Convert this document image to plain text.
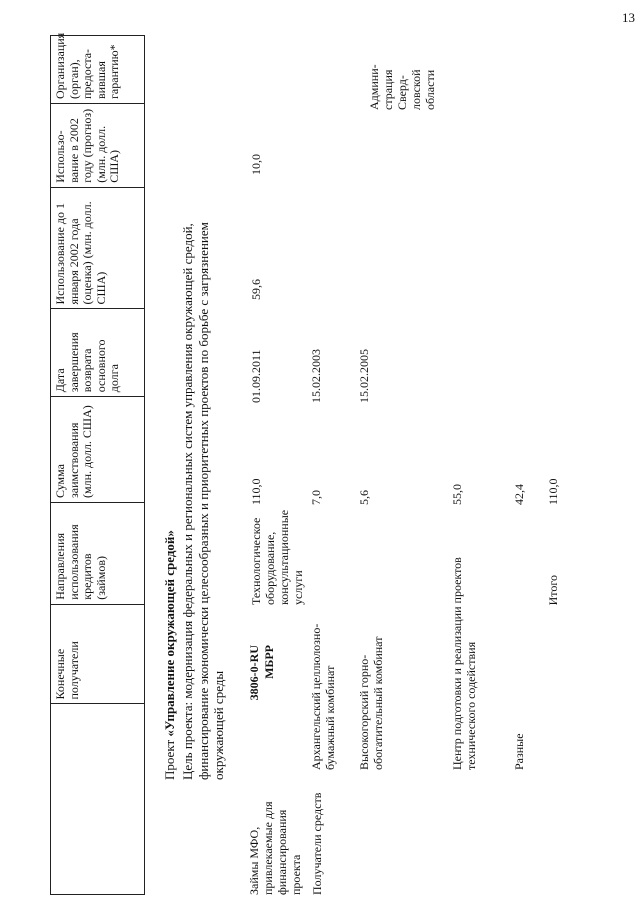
13
Конечные получатели
Направления использования кредитов (займов)
Сумма заимствования (млн. долл. США)
Дата завершения возврата основного долга
Использование до 1 января 2002 года (оценка) (млн. долл. США)
Использо-вание в 2002 году (прогноз) (млн. долл. США)
Организация (орган), предоста-вившая гарантию*
Проект «Управление окружающей средой» Цель проекта: модернизация федеральных и региональных систем управления окружающей средой, финансирование экономически целесообразных и приоритетных проектов по борьбе с загрязнением окружающей среды
Займы МФО, привлекаемые для финансирования проекта
3806-0-RU МБРР
Технологическое оборудование, консультационные услуги
110,0
01.09.2011
59,6
10,0
Получатели средств
Архангельский целлюлозно-бумажный комбинат
7,0
15.02.2003
Высокогорский горно-обогатительный комбинат
5,6
15.02.2005
Центр подготовки и реализации проектов технического содействия
55,0
Разные
42,4
Админи-страция Сверд-ловской области
Итого
110,0
